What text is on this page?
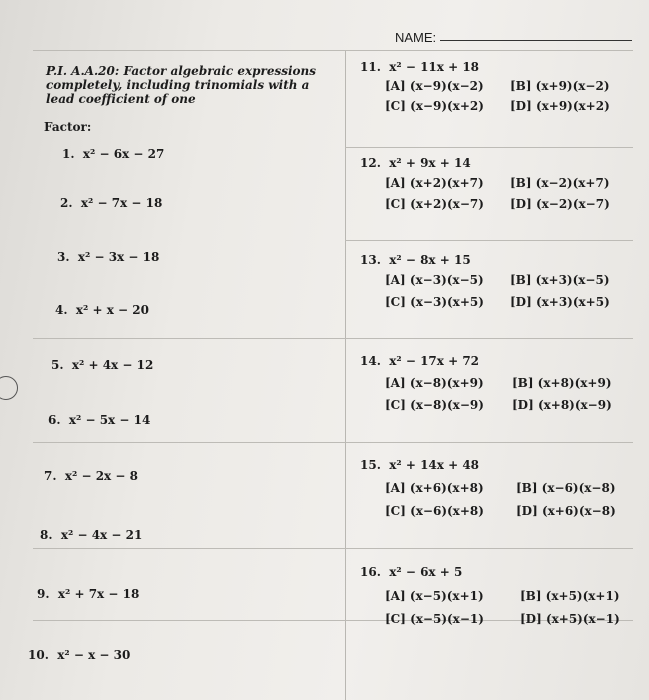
NAME:
P.I. A.A.20: Factor algebraic expressions completely, including trinomials with a lead coefficient of one
Factor:
1. x² − 6x − 27
2. x² − 7x − 18
3. x² − 3x − 18
4. x² + x − 20
5. x² + 4x − 12
6. x² − 5x − 14
7. x² − 2x − 8
8. x² − 4x − 21
9. x² + 7x − 18
10. x² − x − 30
11. x² − 11x + 18
[A] (x−9)(x−2) [B] (x+9)(x−2)
[C] (x−9)(x+2) [D] (x+9)(x+2)
12. x² + 9x + 14
[A] (x+2)(x+7) [B] (x−2)(x+7)
[C] (x+2)(x−7) [D] (x−2)(x−7)
13. x² − 8x + 15
[A] (x−3)(x−5) [B] (x+3)(x−5)
[C] (x−3)(x+5) [D] (x+3)(x+5)
14. x² − 17x + 72
[A] (x−8)(x+9) [B] (x+8)(x+9)
[C] (x−8)(x−9) [D] (x+8)(x−9)
15. x² + 14x + 48
[A] (x+6)(x+8)	[B] (x−6)(x−8)
[C] (x−6)(x+8)	[D] (x+6)(x−8)
16. x² − 6x + 5
[A] (x−5)(x+1)	[B] (x+5)(x+1)
[C] (x−5)(x−1)	[D] (x+5)(x−1)
